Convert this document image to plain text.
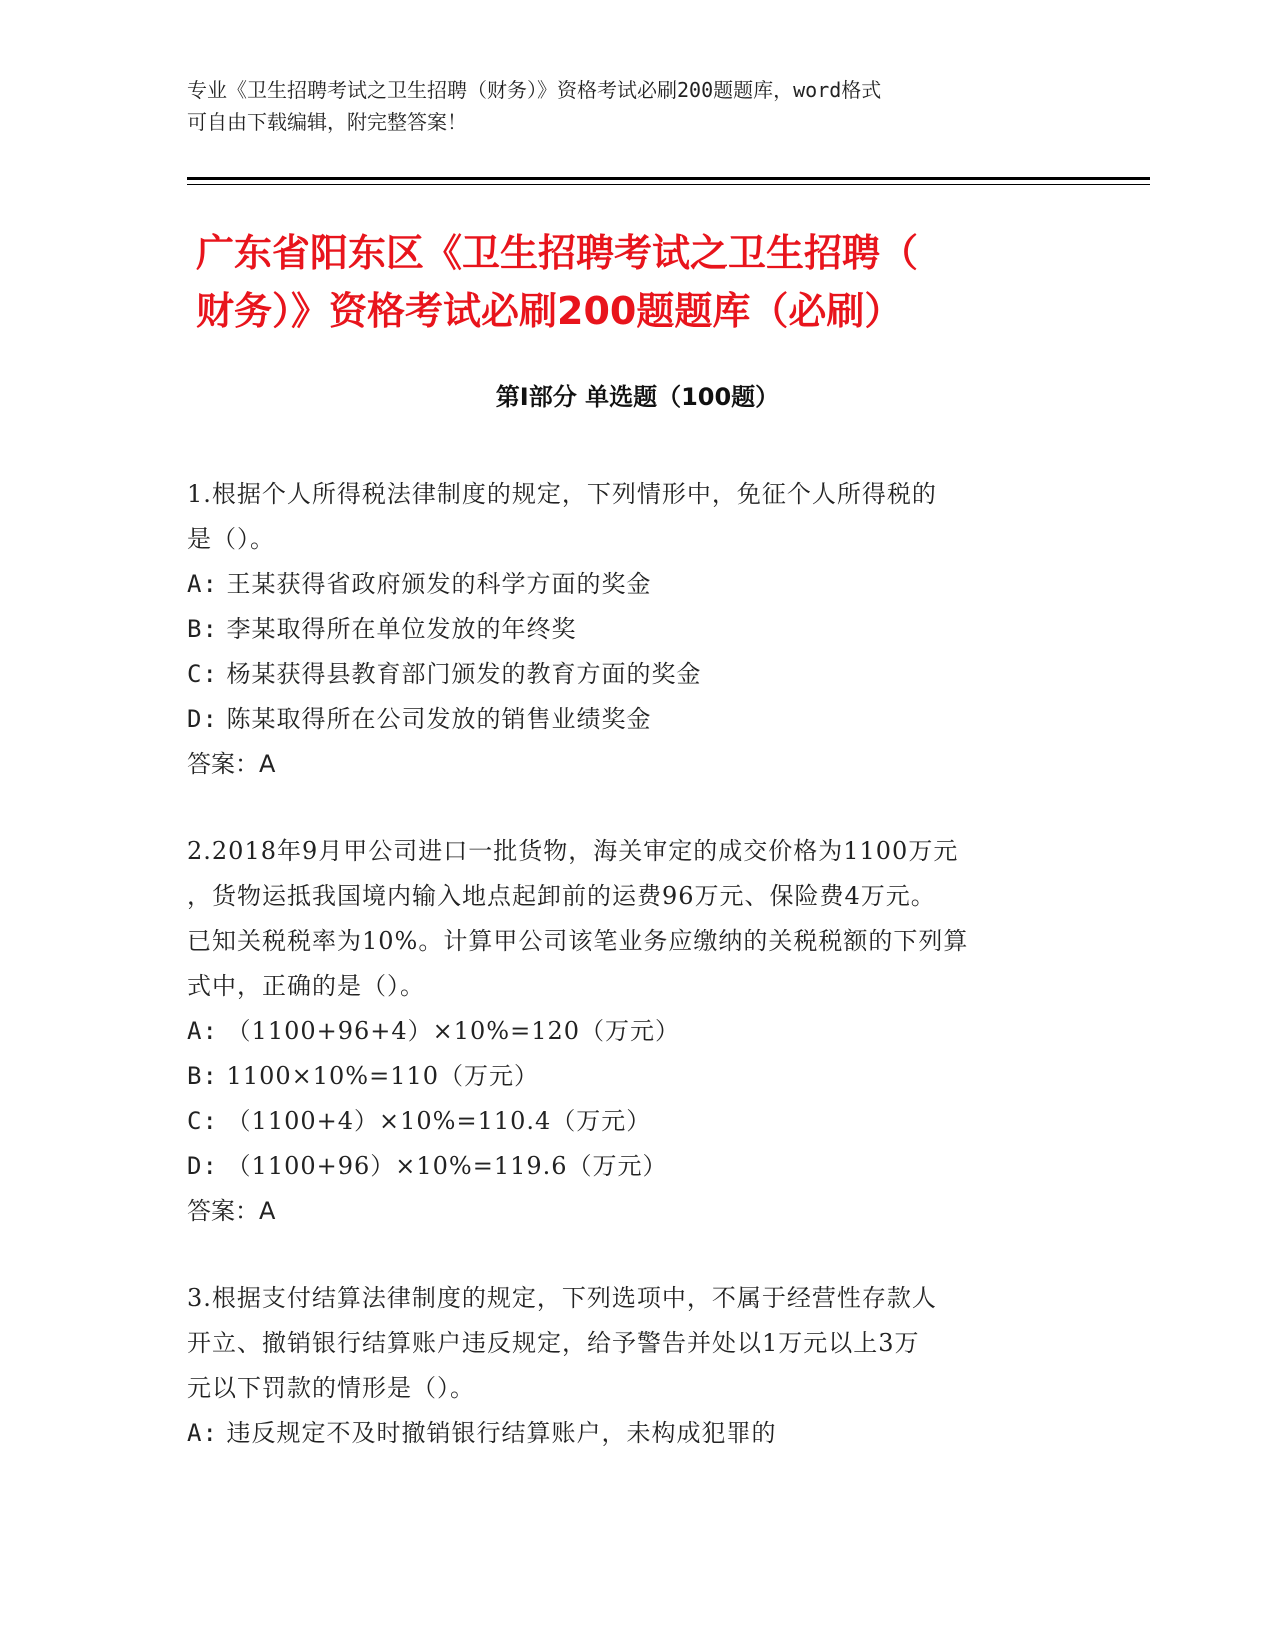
专业《卫生招聘考试之卫生招聘（财务）》资格考试必刷200题题库，word格式
可自由下载编辑，附完整答案！
广东省阳东区《卫生招聘考试之卫生招聘（
财务）》资格考试必刷200题题库（必刷）
第Ⅰ部分 单选题（100题）
1.根据个人所得税法律制度的规定，下列情形中，免征个人所得税的
是（）。
A: 王某获得省政府颁发的科学方面的奖金
B: 李某取得所在单位发放的年终奖
C: 杨某获得县教育部门颁发的教育方面的奖金
D: 陈某取得所在公司发放的销售业绩奖金
答案：A
2.2018年9月甲公司进口一批货物，海关审定的成交价格为1100万元
，货物运抵我国境内输入地点起卸前的运费96万元、保险费4万元。
已知关税税率为10%。计算甲公司该笔业务应缴纳的关税税额的下列算
式中，正确的是（）。
A: （1100+96+4）×10%=120（万元）
B: 1100×10%=110（万元）
C: （1100+4）×10%=110.4（万元）
D: （1100+96）×10%=119.6（万元）
答案：A
3.根据支付结算法律制度的规定，下列选项中，不属于经营性存款人
开立、撤销银行结算账户违反规定，给予警告并处以1万元以上3万
元以下罚款的情形是（）。
A: 违反规定不及时撤销银行结算账户，未构成犯罪的
